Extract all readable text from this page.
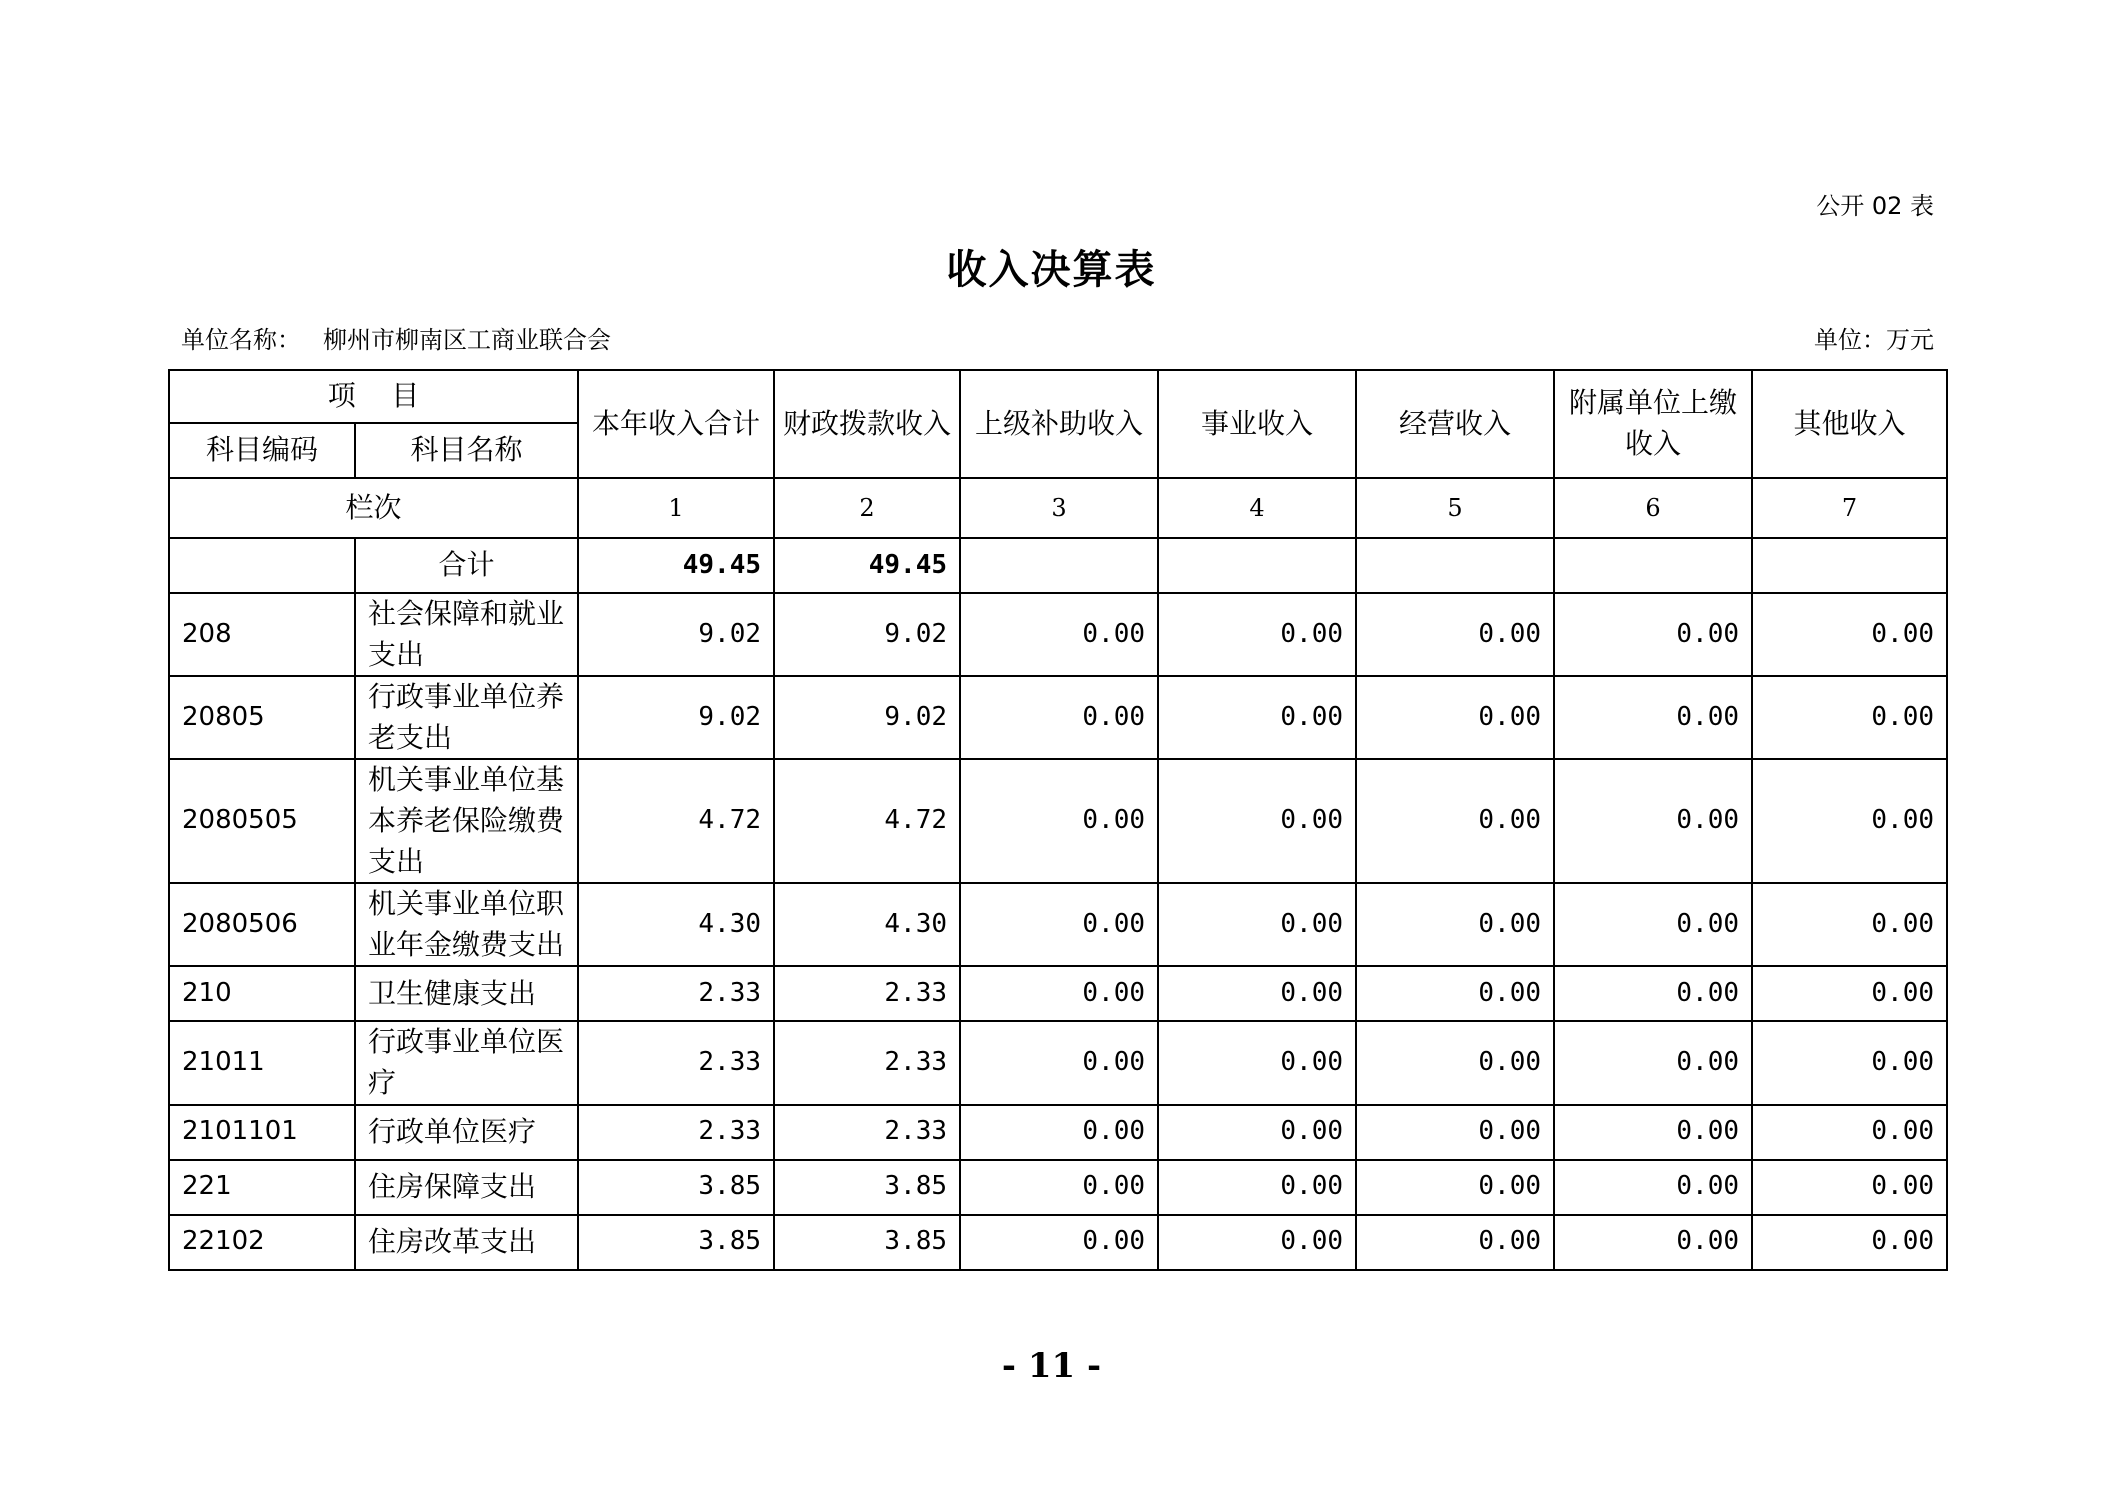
公开 02 表
收入决算表
单位名称： 柳州市柳南区工商业联合会	单位：万元
项    目		本年收入合计	财政拨款收入	上级补助收入	事业收入	经营收入	附属单位上缴收入	其他收入
科目编码	科目名称							
栏次		1	2	3	4	5	6	7
	合计	49.45	49.45					
208	社会保障和就业支出	9.02	9.02	0.00	0.00	0.00	0.00	0.00
20805	行政事业单位养老支出	9.02	9.02	0.00	0.00	0.00	0.00	0.00
2080505	机关事业单位基本养老保险缴费支出	4.72	4.72	0.00	0.00	0.00	0.00	0.00
2080506	机关事业单位职业年金缴费支出	4.30	4.30	0.00	0.00	0.00	0.00	0.00
210	卫生健康支出	2.33	2.33	0.00	0.00	0.00	0.00	0.00
21011	行政事业单位医疗	2.33	2.33	0.00	0.00	0.00	0.00	0.00
2101101	行政单位医疗	2.33	2.33	0.00	0.00	0.00	0.00	0.00
221	住房保障支出	3.85	3.85	0.00	0.00	0.00	0.00	0.00
22102	住房改革支出	3.85	3.85	0.00	0.00	0.00	0.00	0.00
- 11 -
